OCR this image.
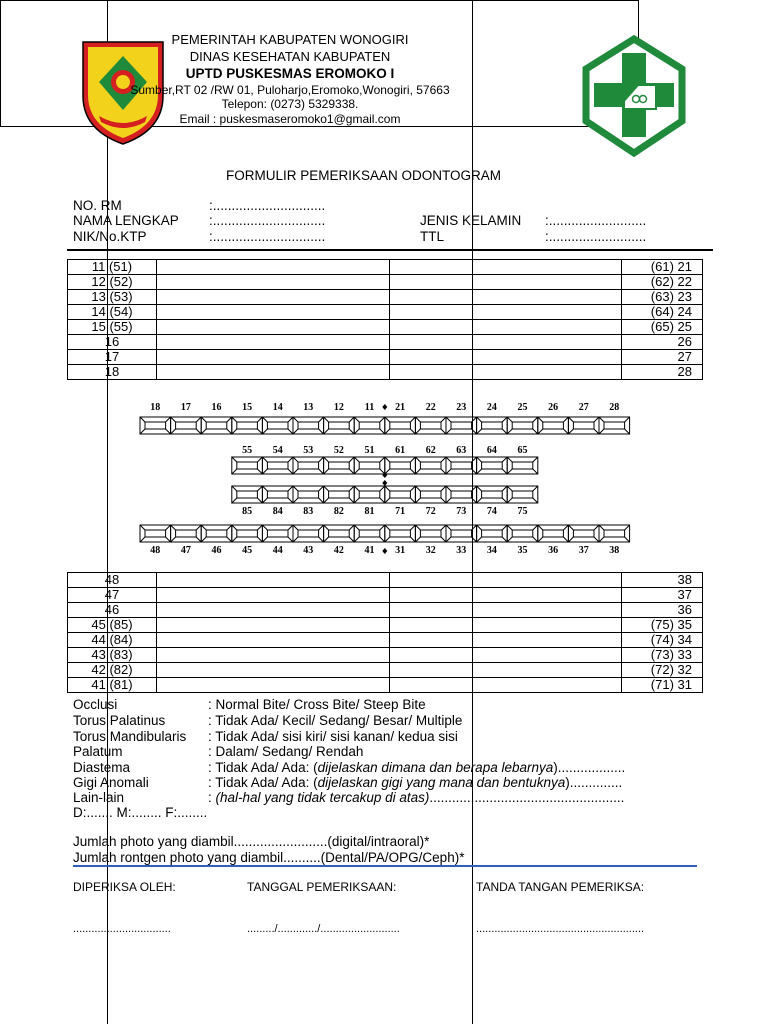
PEMERINTAH KABUPATEN WONOGIRI
DINAS KESEHATAN KABUPATEN
UPTD PUSKESMAS EROMOKO I
Sumber,RT 02 /RW 01, Puloharjo,Eromoko,Wonogiri, 57663
Telepon: (0273) 5329338.
Email : puskesmaseromoko1@gmail.com
FORMULIR PEMERIKSAAN ODONTOGRAM
NO. RM	:..............................
NAMA LENGKAP :..............................	JENIS KELAMIN :..........................
NIK/No.KTP	:..............................	TTL	:..........................
11 (51)			(61) 21
12 (52)			(62) 22
13 (53)			(63) 23
14 (54)			(64) 24
15 (55)			(65) 25
16			26
17			27
18			28
18 17 16 15 14 13 12 11 21 22 23 24 25 26 27 28
55 54 53 52 51 61 62 63 64 65
85 84 83 82 81 71 72 73 74 75
48 47 46 45 44 43 42 41 31 32 33 34 35 36 37 38
48			38
47			37
46			36
45 (85)			(75) 35
44 (84)			(74) 34
43 (83)			(73) 33
42 (82)			(72) 32
41 (81)			(71) 31
Occlusi	: Normal Bite/ Cross Bite/ Steep Bite
Torus Palatinus	: Tidak Ada/ Kecil/ Sedang/ Besar/ Multiple
Torus Mandibularis : Tidak Ada/ sisi kiri/ sisi kanan/ kedua sisi
Palatum	: Dalam/ Sedang/ Rendah
Diastema	: Tidak Ada/ Ada: (dijelaskan dimana dan berapa lebarnya)..................
Gigi Anomali	: Tidak Ada/ Ada: (dijelaskan gigi yang mana dan bentuknya)..............
Lain-lain	: (hal-hal yang tidak tercakup di atas)....................................................
D:....... M:........ F:........
Jumlah photo yang diambil.........................(digital/intraoral)*
Jumlah rontgen photo yang diambil..........(Dental/PA/OPG/Ceph)*
DIPERIKSA OLEH:	TANGGAL PEMERIKSAAN:	TANDA TANGAN PEMERIKSA:
................................	........./............./..........................	.......................................................
